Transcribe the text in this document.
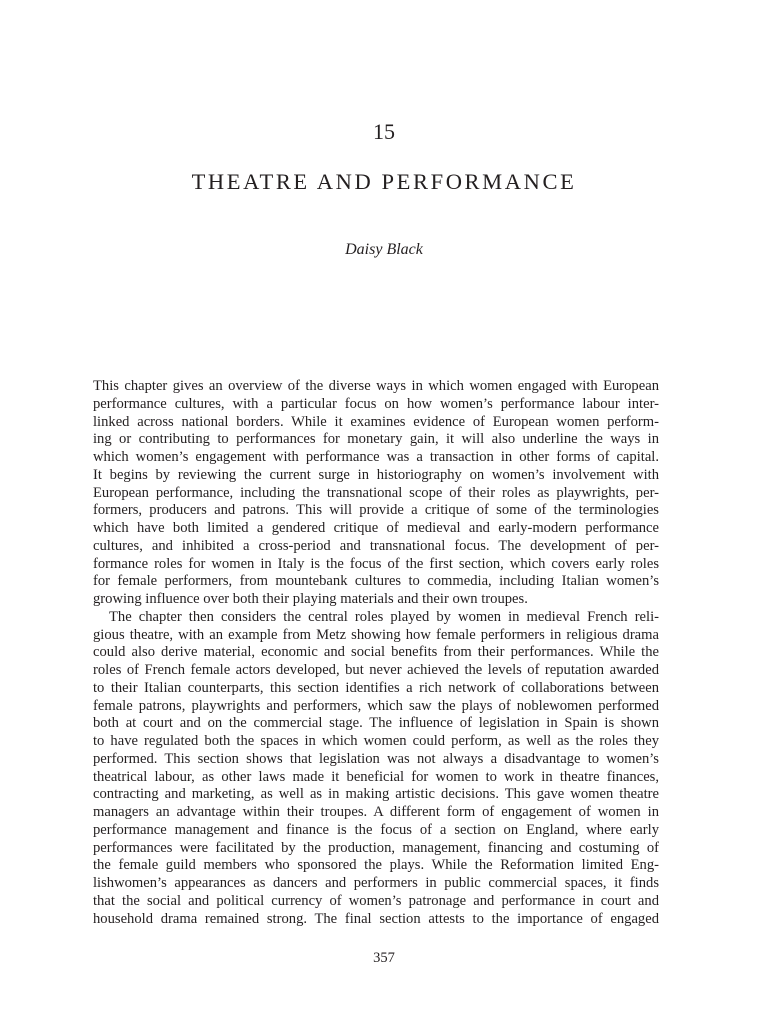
15
THEATRE AND PERFORMANCE
Daisy Black
This chapter gives an overview of the diverse ways in which women engaged with European
performance cultures, with a particular focus on how women’s performance labour inter-
linked across national borders. While it examines evidence of European women perform-
ing or contributing to performances for monetary gain, it will also underline the ways in
which women’s engagement with performance was a transaction in other forms of capital.
It begins by reviewing the current surge in historiography on women’s involvement with
European performance, including the transnational scope of their roles as playwrights, per-
formers, producers and patrons. This will provide a critique of some of the terminologies
which have both limited a gendered critique of medieval and early-modern performance
cultures, and inhibited a cross-period and transnational focus. The development of per-
formance roles for women in Italy is the focus of the first section, which covers early roles
for female performers, from mountebank cultures to commedia, including Italian women’s
growing influence over both their playing materials and their own troupes.
The chapter then considers the central roles played by women in medieval French reli-
gious theatre, with an example from Metz showing how female performers in religious drama
could also derive material, economic and social benefits from their performances. While the
roles of French female actors developed, but never achieved the levels of reputation awarded
to their Italian counterparts, this section identifies a rich network of collaborations between
female patrons, playwrights and performers, which saw the plays of noblewomen performed
both at court and on the commercial stage. The influence of legislation in Spain is shown
to have regulated both the spaces in which women could perform, as well as the roles they
performed. This section shows that legislation was not always a disadvantage to women’s
theatrical labour, as other laws made it beneficial for women to work in theatre finances,
contracting and marketing, as well as in making artistic decisions. This gave women theatre
managers an advantage within their troupes. A different form of engagement of women in
performance management and finance is the focus of a section on England, where early
performances were facilitated by the production, management, financing and costuming of
the female guild members who sponsored the plays. While the Reformation limited Eng-
lishwomen’s appearances as dancers and performers in public commercial spaces, it finds
that the social and political currency of women’s patronage and performance in court and
household drama remained strong. The final section attests to the importance of engaged
357
